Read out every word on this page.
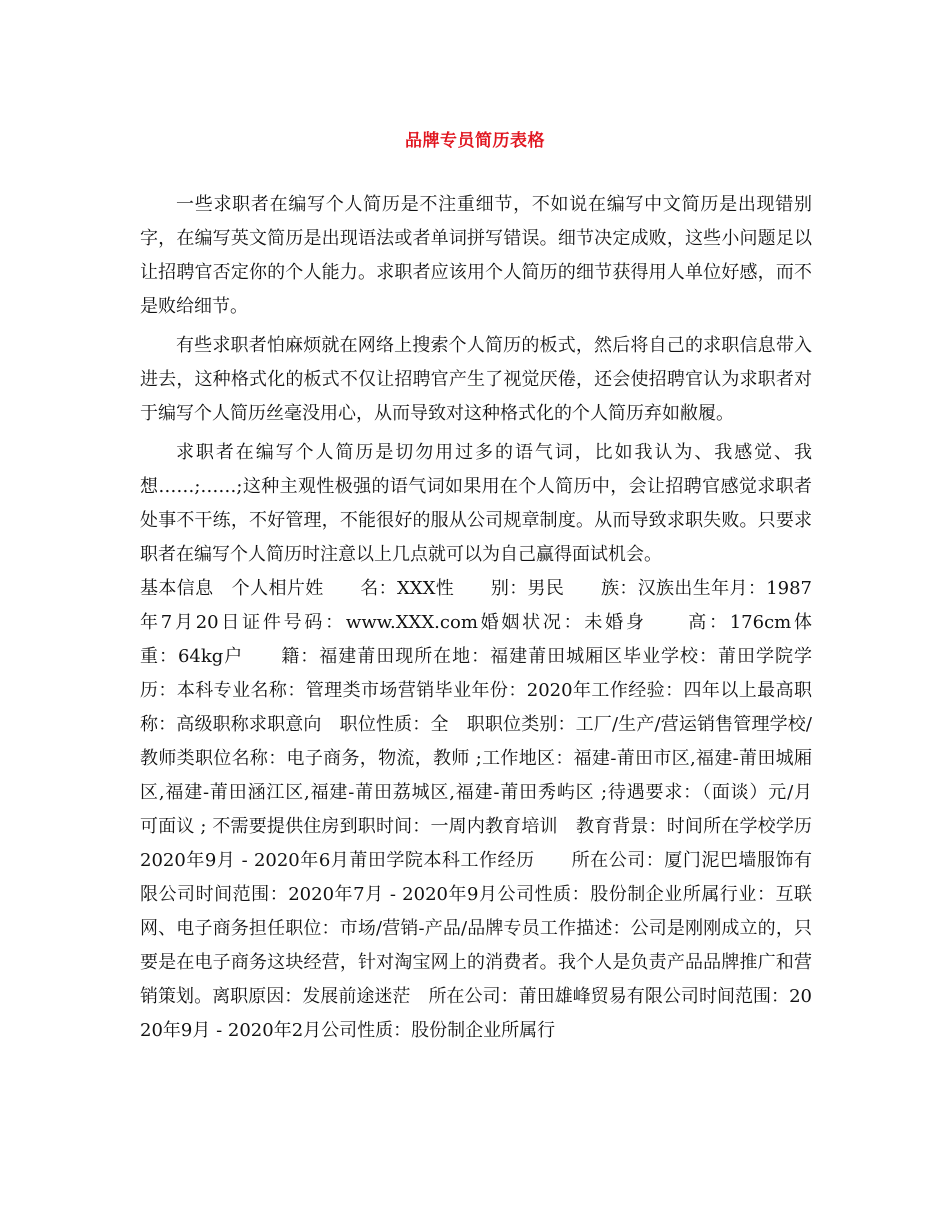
品牌专员简历表格

一些求职者在编写个人简历是不注重细节，不如说在编写中文简历是出现错别字，在编写英文简历是出现语法或者单词拼写错误。细节决定成败，这些小问题足以让招聘官否定你的个人能力。求职者应该用个人简历的细节获得用人单位好感，而不是败给细节。

有些求职者怕麻烦就在网络上搜索个人简历的板式，然后将自己的求职信息带入进去，这种格式化的板式不仅让招聘官产生了视觉厌倦，还会使招聘官认为求职者对于编写个人简历丝毫没用心，从而导致对这种格式化的个人简历弃如敝履。

求职者在编写个人简历是切勿用过多的语气词，比如我认为、我感觉、我想……;……;这种主观性极强的语气词如果用在个人简历中，会让招聘官感觉求职者处事不干练，不好管理，不能很好的服从公司规章制度。从而导致求职失败。只要求职者在编写个人简历时注意以上几点就可以为自己赢得面试机会。

基本信息　个人相片姓　　名：XXX性　　别：男民　　族：汉族出生年月：1987年7月20日证件号码：www.XXX.com婚姻状况：未婚身　　高：176cm体　　重：64kg户　　籍：福建莆田现所在地：福建莆田城厢区毕业学校：莆田学院学历：本科专业名称：管理类市场营销毕业年份：2020年工作经验：四年以上最高职称：高级职称求职意向　职位性质：全　职职位类别：工厂/生产/营运销售管理学校/教师类职位名称：电子商务，物流，教师 ;工作地区：福建-莆田市区,福建-莆田城厢区,福建-莆田涵江区,福建-莆田荔城区,福建-莆田秀屿区 ;待遇要求：（面谈）元/月　可面议 ; 不需要提供住房到职时间：一周内教育培训　教育背景：时间所在学校学历2020年9月 - 2020年6月莆田学院本科工作经历　　所在公司：厦门泥巴墙服饰有限公司时间范围：2020年7月 - 2020年9月公司性质：股份制企业所属行业：互联网、电子商务担任职位：市场/营销-产品/品牌专员工作描述：公司是刚刚成立的，只要是在电子商务这块经营，针对淘宝网上的消费者。我个人是负责产品品牌推广和营销策划。离职原因：发展前途迷茫　所在公司：莆田雄峰贸易有限公司时间范围：2020年9月 - 2020年2月公司性质：股份制企业所属行
